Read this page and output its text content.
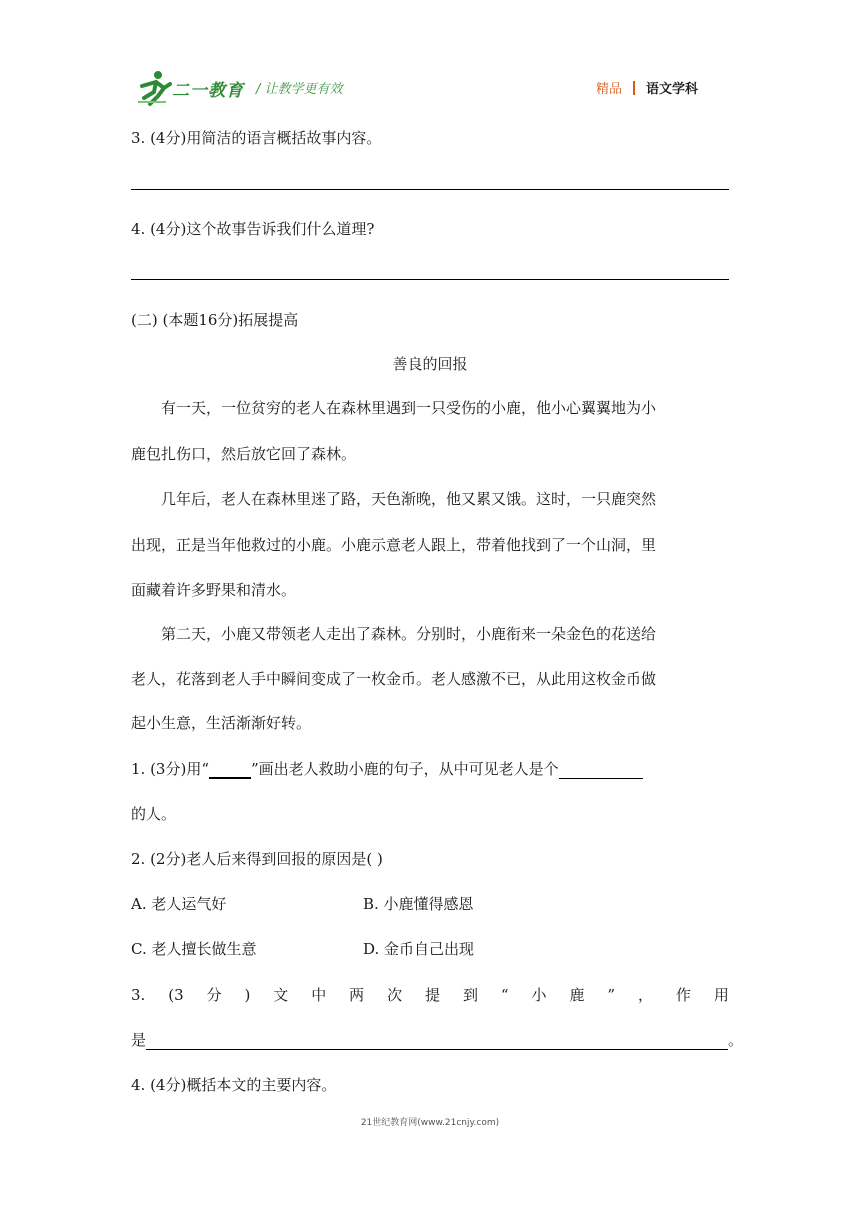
二一教育 / 让教学更有效	精品 语文学科
3. (4分)用简洁的语言概括故事内容。
4. (4分)这个故事告诉我们什么道理?
(二) (本题16分)拓展提高
善良的回报
有一天，一位贫穷的老人在森林里遇到一只受伤的小鹿，他小心翼翼地为小
鹿包扎伤口，然后放它回了森林。
几年后，老人在森林里迷了路，天色渐晚，他又累又饿。这时，一只鹿突然
出现，正是当年他救过的小鹿。小鹿示意老人跟上，带着他找到了一个山洞，里
面藏着许多野果和清水。
第二天，小鹿又带领老人走出了森林。分别时，小鹿衔来一朵金色的花送给
老人，花落到老人手中瞬间变成了一枚金币。老人感激不已，从此用这枚金币做
起小生意，生活渐渐好转。
1. (3分)用“	”画出老人救助小鹿的句子，从中可见老人是个
的人。
2. (2分)老人后来得到回报的原因是( )
A. 老人运气好	B. 小鹿懂得感恩
C. 老人擅长做生意	D. 金币自己出现
3. (3 分 ) 文 中 两 次 提 到 “ 小 鹿 ” ， 作 用
是	。
4. (4分)概括本文的主要内容。
21世纪教育网(www.21cnjy.com)
